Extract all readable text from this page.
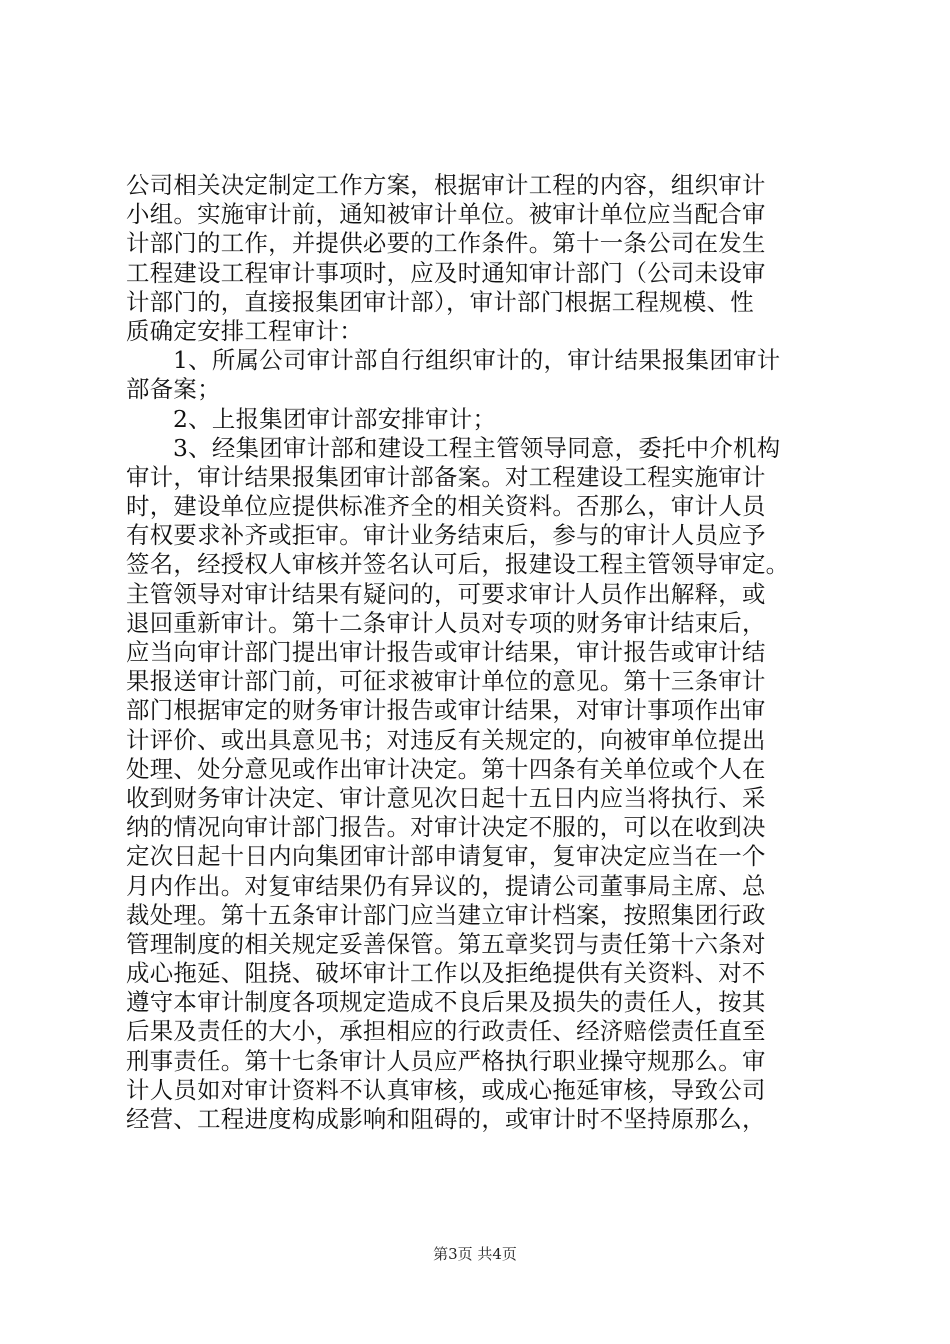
公司相关决定制定工作方案，根据审计工程的内容，组织审计
小组。实施审计前，通知被审计单位。被审计单位应当配合审
计部门的工作，并提供必要的工作条件。第十一条公司在发生
工程建设工程审计事项时，应及时通知审计部门（公司未设审
计部门的，直接报集团审计部），审计部门根据工程规模、性
质确定安排工程审计：
1、所属公司审计部自行组织审计的，审计结果报集团审计
部备案；
2、上报集团审计部安排审计；
3、经集团审计部和建设工程主管领导同意，委托中介机构
审计，审计结果报集团审计部备案。对工程建设工程实施审计
时，建设单位应提供标准齐全的相关资料。否那么，审计人员
有权要求补齐或拒审。审计业务结束后，参与的审计人员应予
签名，经授权人审核并签名认可后，报建设工程主管领导审定。
主管领导对审计结果有疑问的，可要求审计人员作出解释，或
退回重新审计。第十二条审计人员对专项的财务审计结束后，
应当向审计部门提出审计报告或审计结果，审计报告或审计结
果报送审计部门前，可征求被审计单位的意见。第十三条审计
部门根据审定的财务审计报告或审计结果，对审计事项作出审
计评价、或出具意见书；对违反有关规定的，向被审单位提出
处理、处分意见或作出审计决定。第十四条有关单位或个人在
收到财务审计决定、审计意见次日起十五日内应当将执行、采
纳的情况向审计部门报告。对审计决定不服的，可以在收到决
定次日起十日内向集团审计部申请复审，复审决定应当在一个
月内作出。对复审结果仍有异议的，提请公司董事局主席、总
裁处理。第十五条审计部门应当建立审计档案，按照集团行政
管理制度的相关规定妥善保管。第五章奖罚与责任第十六条对
成心拖延、阻挠、破坏审计工作以及拒绝提供有关资料、对不
遵守本审计制度各项规定造成不良后果及损失的责任人，按其
后果及责任的大小，承担相应的行政责任、经济赔偿责任直至
刑事责任。第十七条审计人员应严格执行职业操守规那么。审
计人员如对审计资料不认真审核，或成心拖延审核，导致公司
经营、工程进度构成影响和阻碍的，或审计时不坚持原那么，
第3页 共4页
